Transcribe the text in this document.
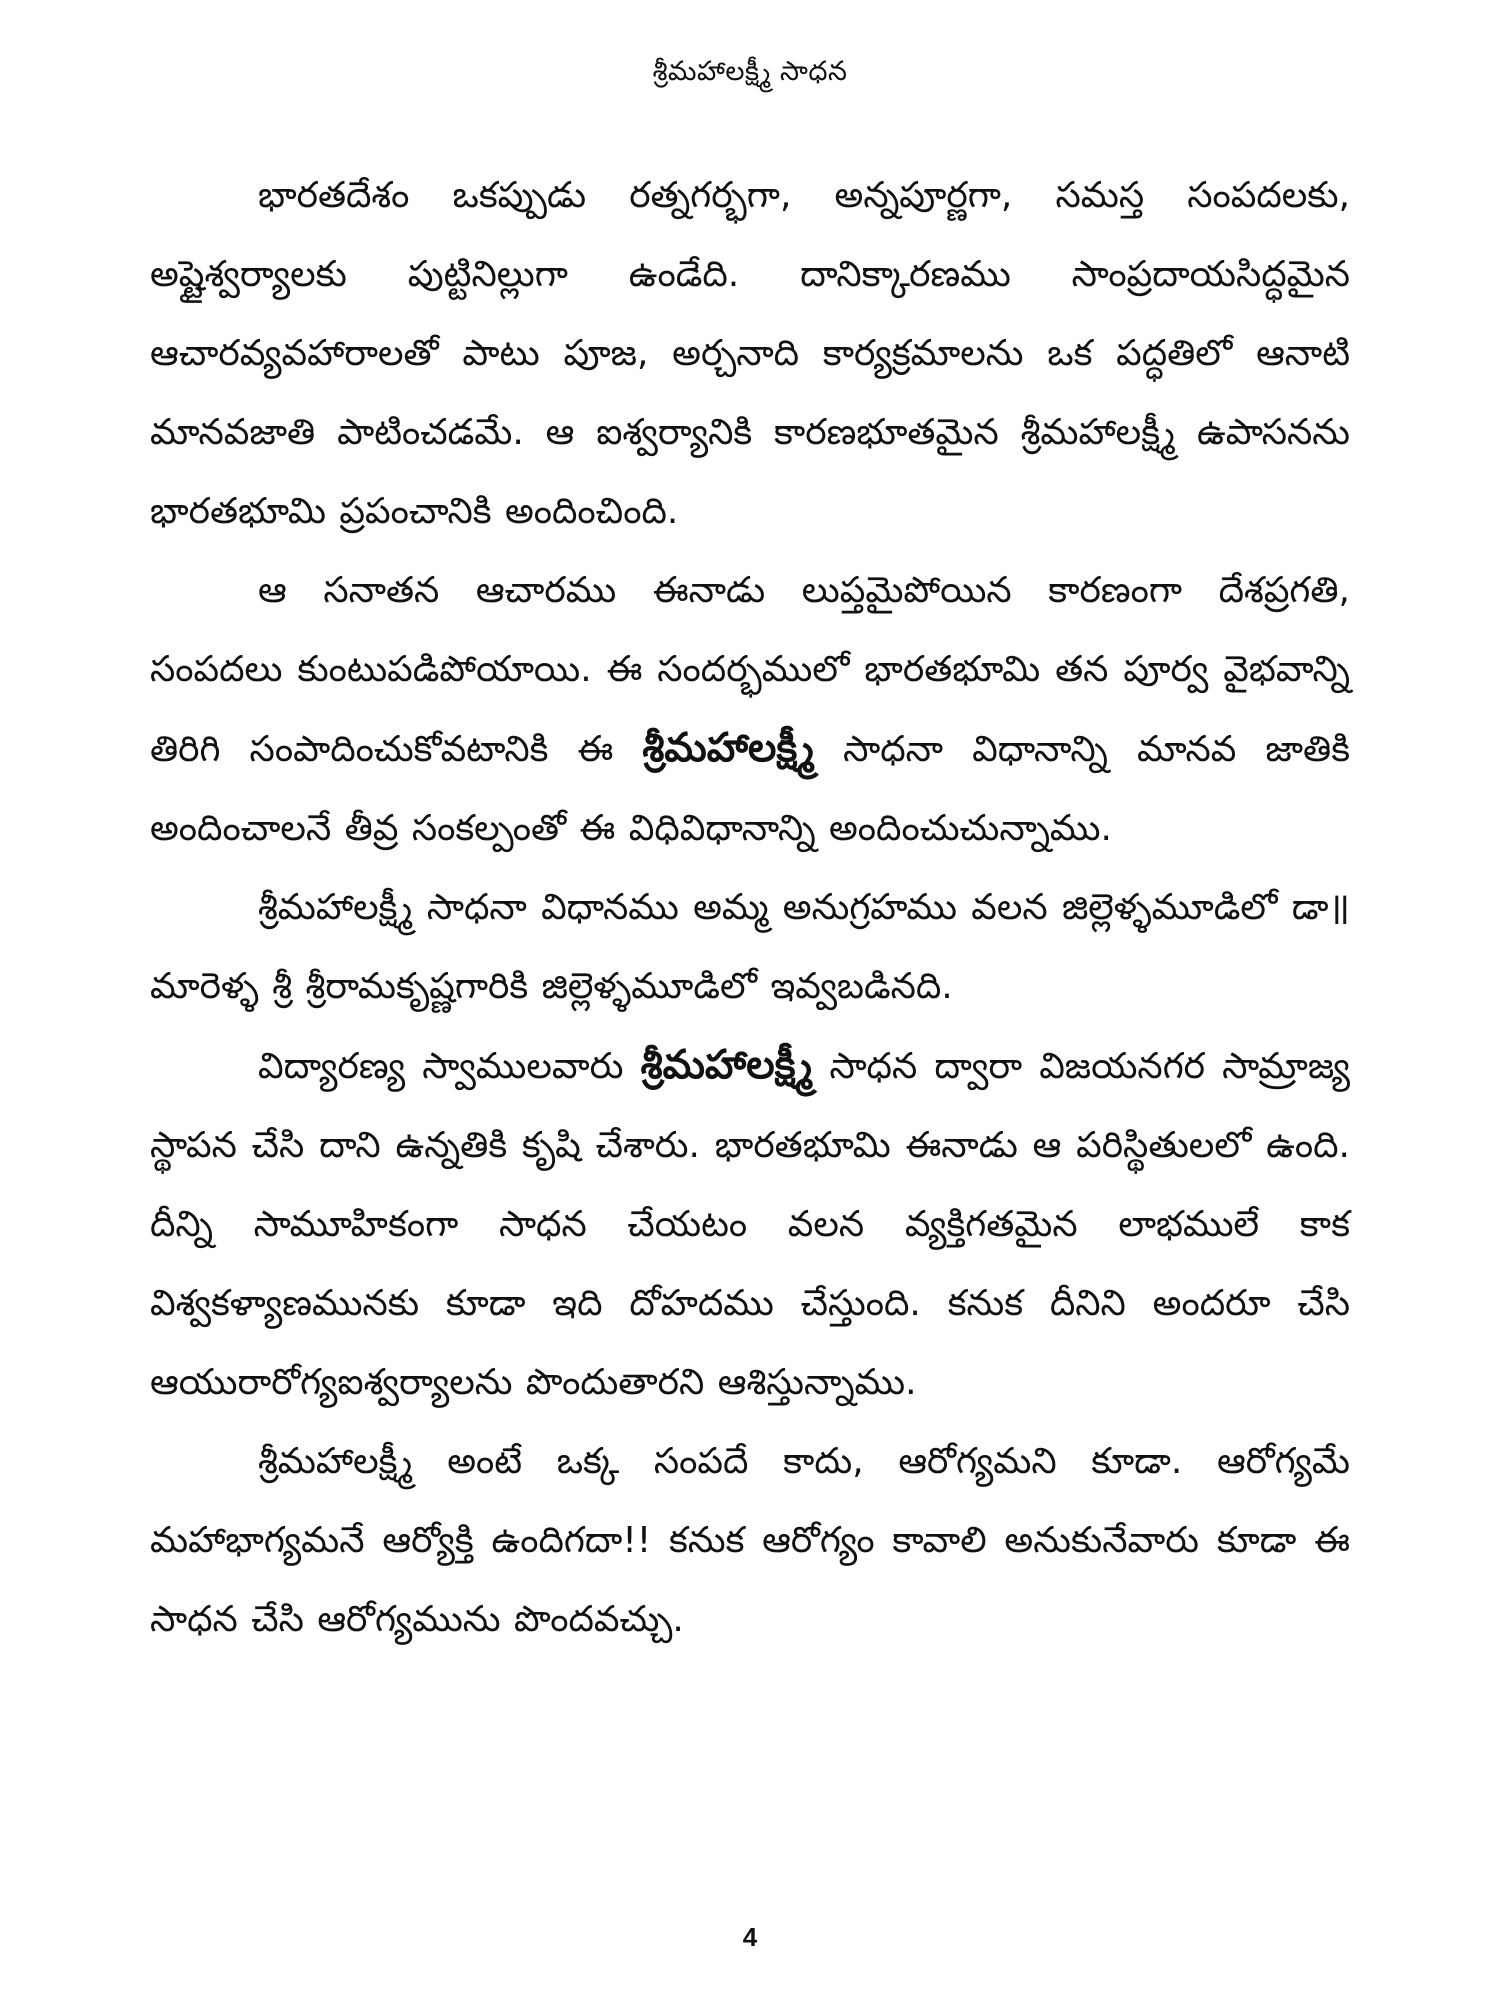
శ్రీమహాలక్ష్మీ సాధన

భారతదేశం ఒకప్పుడు రత్నగర్భగా, అన్నపూర్ణగా, సమస్త సంపదలకు, అష్టైశ్వర్యాలకు పుట్టినిల్లుగా ఉండేది. దానిక్కారణము సాంప్రదాయసిద్ధమైన ఆచారవ్యవహారాలతో పాటు పూజ, అర్చనాది కార్యక్రమాలను ఒక పద్ధతిలో ఆనాటి మానవజాతి పాటించడమే. ఆ ఐశ్వర్యానికి కారణభూతమైన శ్రీమహాలక్ష్మీ ఉపాసనను భారతభూమి ప్రపంచానికి అందించింది.

ఆ సనాతన ఆచారము ఈనాడు లుప్తమైపోయిన కారణంగా దేశప్రగతి, సంపదలు కుంటుపడిపోయాయి. ఈ సందర్భములో భారతభూమి తన పూర్వ వైభవాన్ని తిరిగి సంపాదించుకోవటానికి ఈ శ్రీమహాలక్ష్మీ సాధనా విధానాన్ని మానవ జాతికి అందించాలనే తీవ్ర సంకల్పంతో ఈ విధివిధానాన్ని అందించుచున్నాము.

శ్రీమహాలక్ష్మీ సాధనా విధానము అమ్మ అనుగ్రహము వలన జిల్లెళ్ళమూడిలో డా॥ మారెళ్ళ శ్రీ శ్రీరామకృష్ణగారికి జిల్లెళ్ళమూడిలో ఇవ్వబడినది.

విద్యారణ్య స్వాములవారు శ్రీమహాలక్ష్మీ సాధన ద్వారా విజయనగర సామ్రాజ్య స్థాపన చేసి దాని ఉన్నతికి కృషి చేశారు. భారతభూమి ఈనాడు ఆ పరిస్థితులలో ఉంది. దీన్ని సామూహికంగా సాధన చేయటం వలన వ్యక్తిగతమైన లాభములే కాక విశ్వకళ్యాణమునకు కూడా ఇది దోహదము చేస్తుంది. కనుక దీనిని అందరూ చేసి ఆయురారోగ్యఐశ్వర్యాలను పొందుతారని ఆశిస్తున్నాము.

శ్రీమహాలక్ష్మీ అంటే ఒక్క సంపదే కాదు, ఆరోగ్యమని కూడా. ఆరోగ్యమే మహాభాగ్యమనే ఆర్యోక్తి ఉందిగదా!! కనుక ఆరోగ్యం కావాలి అనుకునేవారు కూడా ఈ సాధన చేసి ఆరోగ్యమును పొందవచ్చు.

4
